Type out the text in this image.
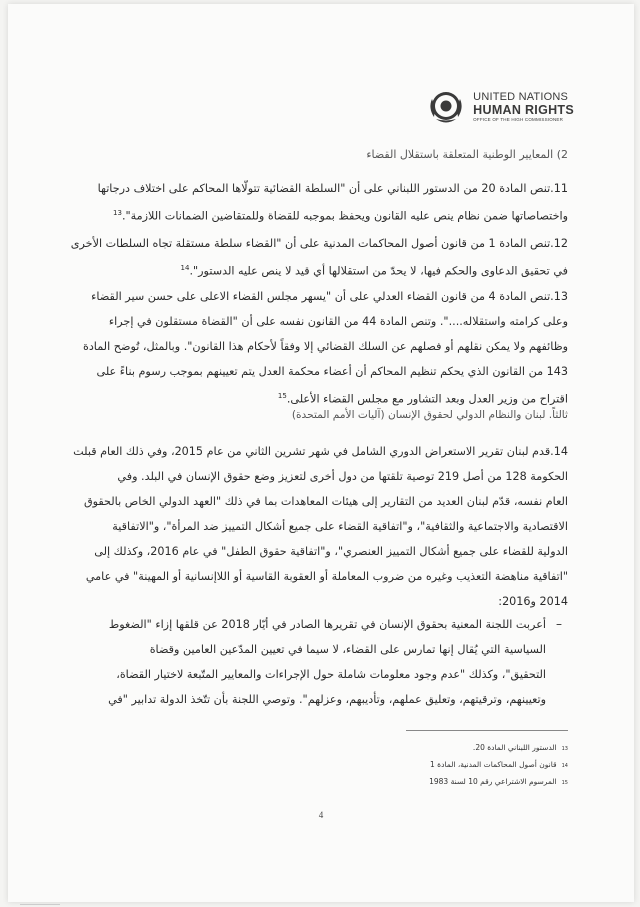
UNITED NATIONS
HUMAN RIGHTS
OFFICE OF THE HIGH COMMISSIONER
2) المعايير الوطنية المتعلقة باستقلال القضاء
11.تنص المادة 20 من الدستور اللبناني على أن "السلطة القضائية تتولّاها المحاكم على اختلاف درجاتها
واختصاصاتها ضمن نظام ينص عليه القانون ويحفظ بموجبه للقضاة وللمتقاضين الضمانات اللازمة".$^{13}$
12.تنص المادة 1 من قانون أصول المحاكمات المدنية على أن "القضاء سلطة مستقلة تجاه السلطات الأخرى
في تحقيق الدعاوى والحكم فيها، لا يحدّ من استقلالها أي قيد لا ينص عليه الدستور".$^{14}$
13.تنص المادة 4 من قانون القضاء العدلي على أن "يسهر مجلس القضاء الاعلى على حسن سير القضاء
وعلى كرامته واستقلاله....". وتنص المادة 44 من القانون نفسه على أن "القضاة مستقلون في إجراء
وظائفهم ولا يمكن نقلهم أو فصلهم عن السلك القضائي إلا وفقاً لأحكام هذا القانون". وبالمثل، تُوضح المادة
143 من القانون الذي يحكم تنظيم المحاكم أن أعضاء محكمة العدل يتم تعيينهم بموجب رسوم بناءً على
اقتراح من وزير العدل وبعد التشاور مع مجلس القضاء الأعلى.$^{15}$
ثالثاً. لبنان والنظام الدولي لحقوق الإنسان (آليات الأمم المتحدة)
14.قدم لبنان تقرير الاستعراض الدوري الشامل في شهر تشرين الثاني من عام 2015، وفي ذلك العام قبلت
الحكومة 128 من أصل 219 توصية تلقتها من دول أخرى لتعزيز وضع حقوق الإنسان في البلد. وفي
العام نفسه، قدّم لبنان العديد من التقارير إلى هيئات المعاهدات بما في ذلك "العهد الدولي الخاص بالحقوق
الاقتصادية والاجتماعية والثقافية"، و"اتفاقية القضاء على جميع أشكال التمييز ضد المرأة"، و"الاتفاقية
الدولية للقضاء على جميع أشكال التمييز العنصري"، و"اتفاقية حقوق الطفل" في عام 2016، وكذلك إلى
"اتفاقية مناهضة التعذيب وغيره من ضروب المعاملة أو العقوبة القاسية أو اللاإنسانية أو المهينة" في عامي
2014 و2016:
–
أعربت اللجنة المعنية بحقوق الإنسان في تقريرها الصادر في أيّار 2018 عن قلقها إزاء "الضغوط
السياسية التي يُقال إنها تمارس على القضاء، لا سيما في تعيين المدّعين العامين وقضاة
التحقيق"، وكذلك "عدم وجود معلومات شاملة حول الإجراءات والمعايير المتّبعة لاختيار القضاة،
وتعيينهم، وترقيتهم، وتعليق عملهم، وتأديبهم، وعزلهم". وتوصي اللجنة بأن تتّخذ الدولة تدابير "في
13الدستور اللبناني المادة 20.
14قانون أصول المحاكمات المدنية، المادة 1
15المرسوم الاشتراعي رقم 10 لسنة 1983
4
